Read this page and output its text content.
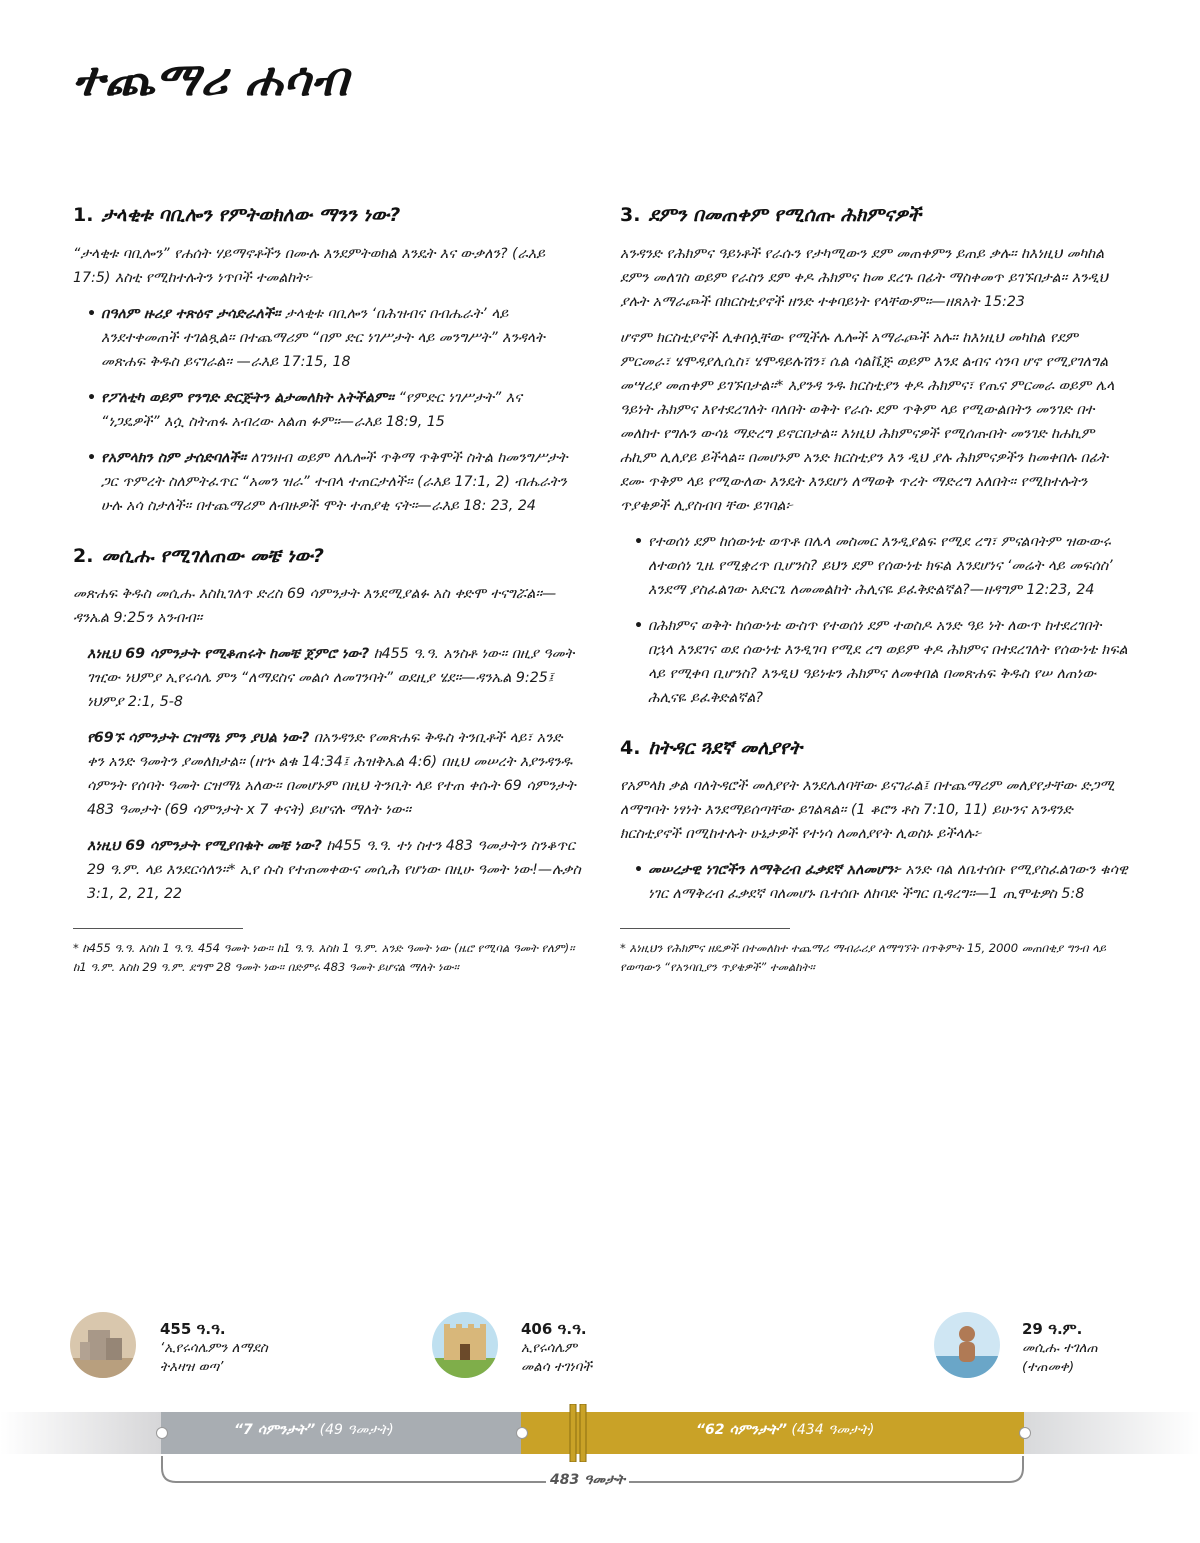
ተጨማሪ ሐሳብ
1. ታላቂቱ ባቢሎን የምትወክለው ማንን ነው?

“ታላቂቱ ባቢሎን” የሐሰት ሃይማኖቶችን በሙሉ እንደምትወክል እንዴት እና ውቃለን? (ራእይ 17:5) እስቲ የሚከተሉትን ነጥቦች ተመልከት፦

• በዓለም ዙሪያ ተጽዕኖ ታሳድራለች። ታላቂቱ ባቢሎን ‘በሕዝብና በብሔራት’ ላይ እንደተቀመጠች ተገልጿል። በተጨማሪም “በም ድር ነገሥታት ላይ መንግሥት” እንዳላት መጽሐፍ ቅዱስ ይናገራል። —ራእይ 17:15, 18
• የፖለቲካ ወይም የንግድ ድርጅትን ልታመለክት አትችልም። “የምድር ነገሥታት” እና “ነጋዴዎች” እሷ ስትጠፋ አብረው አልጠ ፉም።—ራእይ 18:9, 15
• የአምላክን ስም ታሰድባለች። ለገንዘብ ወይም ለሌሎች ጥቅማ ጥቅሞች ስትል ከመንግሥታት ጋር ጥምረት ስለምትፈጥር “አመን ዝራ” ተብላ ተጠርታለች። (ራእይ 17:1, 2) ብሔራትን ሁሉ አሳ ስታለች። በተጨማሪም ለብዙዎች ሞት ተጠያቂ ናት።—ራእይ 18: 23, 24
2. መሲሑ የሚገለጠው መቼ ነው?

መጽሐፍ ቅዱስ መሲሑ እስኪገለጥ ድረስ 69 ሳምንታት እንደሚያልፉ አስ ቀድሞ ተናግሯል።—ዳንኤል 9:25ን አንብብ።

እነዚህ 69 ሳምንታት የሚቆጠሩት ከመቼ ጀምሮ ነው? ከ455 ዓ.ዓ. አንስቶ ነው። በዚያ ዓመት ገዢው ነህምያ ኢየሩሳሌ ምን “ለማደስና መልሶ ለመገንባት” ወደዚያ ሄደ።—ዳንኤል 9:25፤ ነህምያ 2:1, 5-8
የ69ኙ ሳምንታት ርዝማኔ ምን ያህል ነው? በአንዳንድ የመጽሐፍ ቅዱስ ትንቢቶች ላይ፣ አንድ ቀን አንድ ዓመትን ያመለክታል። (ዘኍ ልቁ 14:34፤ ሕዝቅኤል 4:6) በዚህ መሠረት እያንዳንዱ ሳምንት የሰባት ዓመት ርዝማኔ አለው። በመሆኑም በዚህ ትንቢት ላይ የተጠ ቀሱት 69 ሳምንታት 483 ዓመታት (69 ሳምንታት x 7 ቀናት) ይሆናሉ ማለት ነው።
እነዚህ 69 ሳምንታት የሚያበቁት መቼ ነው? ከ455 ዓ.ዓ. ተነ ስተን 483 ዓመታትን ስንቆጥር 29 ዓ.ም. ላይ እንደርሳለን።* ኢየ ሱስ የተጠመቀውና መሲሕ የሆነው በዚሁ ዓመት ነው!—ሉቃስ 3:1, 2, 21, 22

* ከ455 ዓ.ዓ. እስከ 1 ዓ.ዓ. 454 ዓመት ነው። ከ1 ዓ.ዓ. እስከ 1 ዓ.ም. አንድ ዓመት ነው (ዜሮ የሚባል ዓመት የለም)። ከ1 ዓ.ም. እስከ 29 ዓ.ም. ደግሞ 28 ዓመት ነው። በድምሩ 483 ዓመት ይሆናል ማለት ነው።

3. ደምን በመጠቀም የሚሰጡ ሕክምናዎች

አንዳንድ የሕክምና ዓይነቶች የራሱን የታካሚውን ደም መጠቀምን ይጠይ ቃሉ። ከእነዚህ መካከል ደምን መለገስ ወይም የራስን ደም ቀዶ ሕክምና ከመ ደረጉ በፊት ማስቀመጥ ይገኙበታል። እንዲህ ያሉት አማራጮች በክርስቲያኖች ዘንድ ተቀባይነት የላቸውም።—ዘጸአት 15:23

ሆኖም ክርስቲያኖች ሊቀበሏቸው የሚችሉ ሌሎች አማራጮች አሉ። ከእነዚህ መካከል የደም ምርመራ፣ ሄሞዳያሊሲስ፣ ሄሞዳይሉሽን፣ ሴል ሳልቬጅ ወይም እንደ ልብና ሳንባ ሆኖ የሚያገለግል መሣሪያ መጠቀም ይገኙበታል።* እያንዳ ንዱ ክርስቲያን ቀዶ ሕክምና፣ የጤና ምርመራ ወይም ሌላ ዓይነት ሕክምና እየተደረገለት ባለበት ወቅት የራሱ ደም ጥቅም ላይ የሚውልበትን መንገድ በተ መለከተ የግሉን ውሳኔ ማድረግ ይኖርበታል። እነዚህ ሕክምናዎች የሚሰጡበት መንገድ ከሐኪም ሐኪም ሊለያይ ይችላል። በመሆኑም አንድ ክርስቲያን እን ዲህ ያሉ ሕክምናዎችን ከመቀበሉ በፊት ደሙ ጥቅም ላይ የሚውለው እንዴት እንደሆነ ለማወቅ ጥረት ማድረግ አለበት። የሚከተሉትን ጥያቄዎች ሊያስብባ ቸው ይገባል፦

• የተወሰነ ደም ከሰውነቴ ወጥቶ በሌላ መስመር እንዲያልፍ የሚደ ረግ፣ ምናልባትም ዝውውሩ ለተወሰነ ጊዜ የሚቋረጥ ቢሆንስ? ይህን ደም የሰውነቴ ክፍል እንደሆነና ‘መሬት ላይ መፍሰስ’ እንደማ ያስፈልገው አድርጌ ለመመልከት ሕሊናዬ ይፈቅድልኛል?—ዘዳግም 12:23, 24
• በሕክምና ወቅት ከሰውነቴ ውስጥ የተወሰነ ደም ተወስዶ አንድ ዓይ ነት ለውጥ ከተደረገበት በኋላ እንደገና ወደ ሰውነቴ እንዲገባ የሚደ ረግ ወይም ቀዶ ሕክምና በተደረገለት የሰውነቴ ክፍል ላይ የሚቀባ ቢሆንስ? እንዲህ ዓይነቱን ሕክምና ለመቀበል በመጽሐፍ ቅዱስ የሠ ለጠነው ሕሊናዬ ይፈቅድልኛል?
4. ከትዳር ጓደኛ መለያየት

የአምላክ ቃል ባለትዳሮች መለያየት እንደሌለባቸው ይናገራል፤ በተጨማሪም መለያየታቸው ድጋሚ ለማግባት ነፃነት እንደማይሰጣቸው ይገልጻል። (1 ቆሮን ቶስ 7:10, 11) ይሁንና አንዳንድ ክርስቲያኖች በሚከተሉት ሁኔታዎች የተነሳ ለመለያየት ሊወስኑ ይችላሉ፦

• መሠረታዊ ነገሮችን ለማቅረብ ፈቃደኛ አለመሆን፦ አንድ ባል ለቤተሰቡ የሚያስፈልገውን ቁሳዊ ነገር ለማቅረብ ፈቃደኛ ባለመሆኑ ቤተሰቡ ለከባድ ችግር ቢዳረግ።—1 ጢሞቴዎስ 5:8

* እነዚህን የሕክምና ዘዴዎች በተመለከተ ተጨማሪ ማብራሪያ ለማግኘት በጥቅምት 15, 2000 መጠበቂያ ግንብ ላይ የወጣውን “የአንባቢያን ጥያቄዎች” ተመልከት።

“7 ሳምንታት” (49 ዓመታት)	“62 ሳምንታት” (434 ዓመታት)
455 ዓ.ዓ.
‘ኢየሩሳሌምን ለማደስ
ትእዛዝ ወጣ’
406 ዓ.ዓ.
ኢየሩሳሌም
መልሳ ተገነባች
29 ዓ.ም.
መሲሑ ተገለጠ
(ተጠመቀ)
483 ዓመታት
